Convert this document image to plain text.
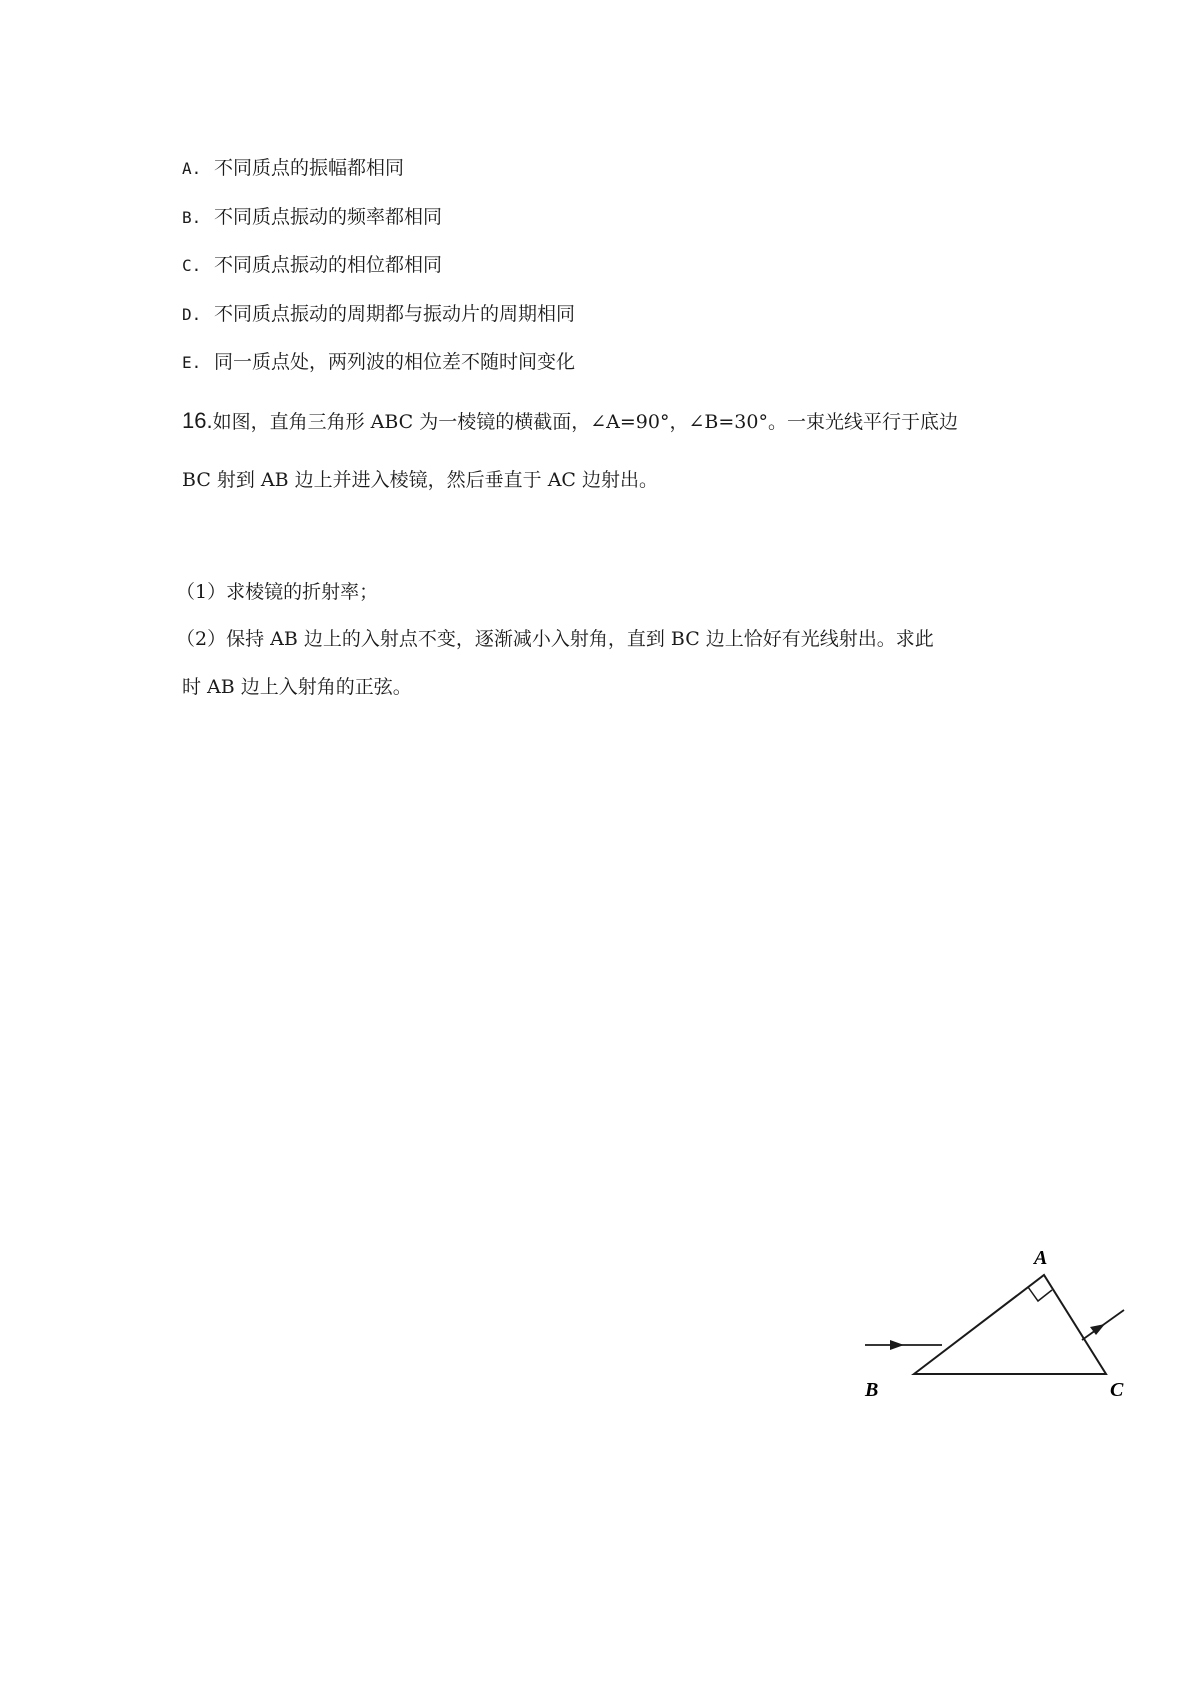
A. 不同质点的振幅都相同
B. 不同质点振动的频率都相同
C. 不同质点振动的相位都相同
D. 不同质点振动的周期都与振动片的周期相同
E. 同一质点处，两列波的相位差不随时间变化
16.如图，直角三角形 ABC 为一棱镜的横截面，∠A=90°，∠B=30°。一束光线平行于底边
BC 射到 AB 边上并进入棱镜，然后垂直于 AC 边射出。
（1）求棱镜的折射率；
（2）保持 AB 边上的入射点不变，逐渐减小入射角，直到 BC 边上恰好有光线射出。求此
时 AB 边上入射角的正弦。
A
B	C
